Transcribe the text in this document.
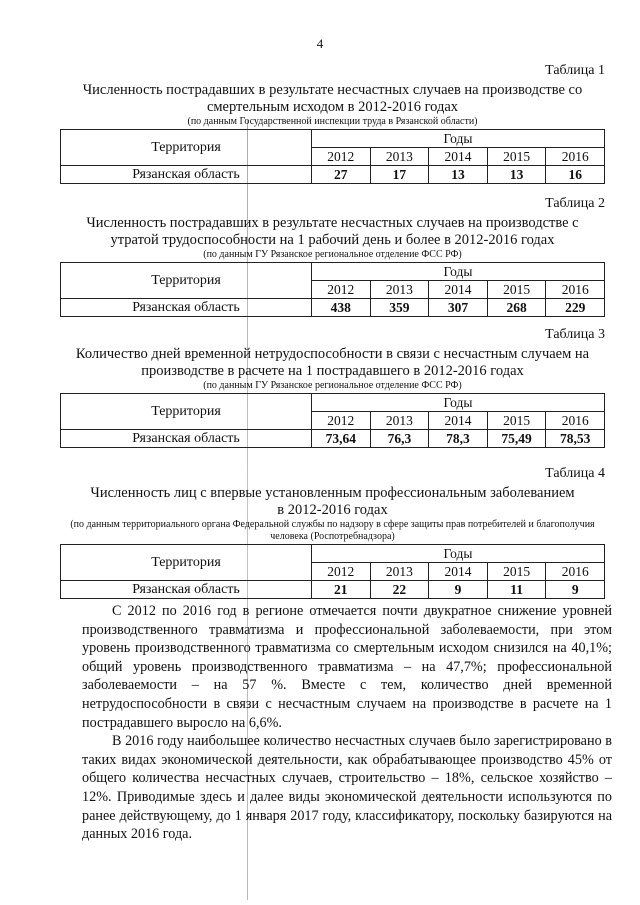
4
Таблица 1
Численность пострадавших в результате несчастных случаев на производстве со
смертельным исходом в 2012-2016 годах
(по данным Государственной инспекции труда в Рязанской области)
Территория	Годы				
	2012	2013	2014	2015	2016
Рязанская область	27	17	13	13	16
Таблица 2
Численность пострадавших в результате несчастных случаев на производстве с
утратой трудоспособности на 1 рабочий день и более в 2012-2016 годах
(по данным ГУ Рязанское региональное отделение ФСС РФ)
Территория	Годы				
	2012	2013	2014	2015	2016
Рязанская область	438	359	307	268	229
Таблица 3
Количество дней временной нетрудоспособности в связи с несчастным случаем на
производстве в расчете на 1 пострадавшего в 2012-2016 годах
(по данным ГУ Рязанское региональное отделение ФСС РФ)
Территория	Годы				
	2012	2013	2014	2015	2016
Рязанская область	73,64	76,3	78,3	75,49	78,53
Таблица 4
Численность лиц с впервые установленным профессиональным заболеванием
в 2012-2016 годах
(по данным территориального органа Федеральной службы по надзору в сфере защиты прав потребителей и благополучия человека (Роспотребнадзора)
Территория	Годы				
	2012	2013	2014	2015	2016
Рязанская область	21	22	9	11	9

С 2012 по 2016 год в регионе отмечается почти двукратное снижение уровней производственного травматизма и профессиональной заболеваемости, при этом уровень производственного травматизма со смертельным исходом снизился на 40,1%; общий уровень производственного травматизма – на 47,7%; профессиональной заболеваемости – на 57 %. Вместе с тем, количество дней временной нетрудоспособности в связи с несчастным случаем на производстве в расчете на 1 пострадавшего выросло на 6,6%.

В 2016 году наибольшее количество несчастных случаев было зарегистрировано в таких видах экономической деятельности, как обрабатывающее производство 45% от общего количества несчастных случаев, строительство – 18%, сельское хозяйство – 12%. Приводимые здесь и далее виды экономической деятельности используются по ранее действующему, до 1 января 2017 году, классификатору, поскольку базируются на данных 2016 года.
